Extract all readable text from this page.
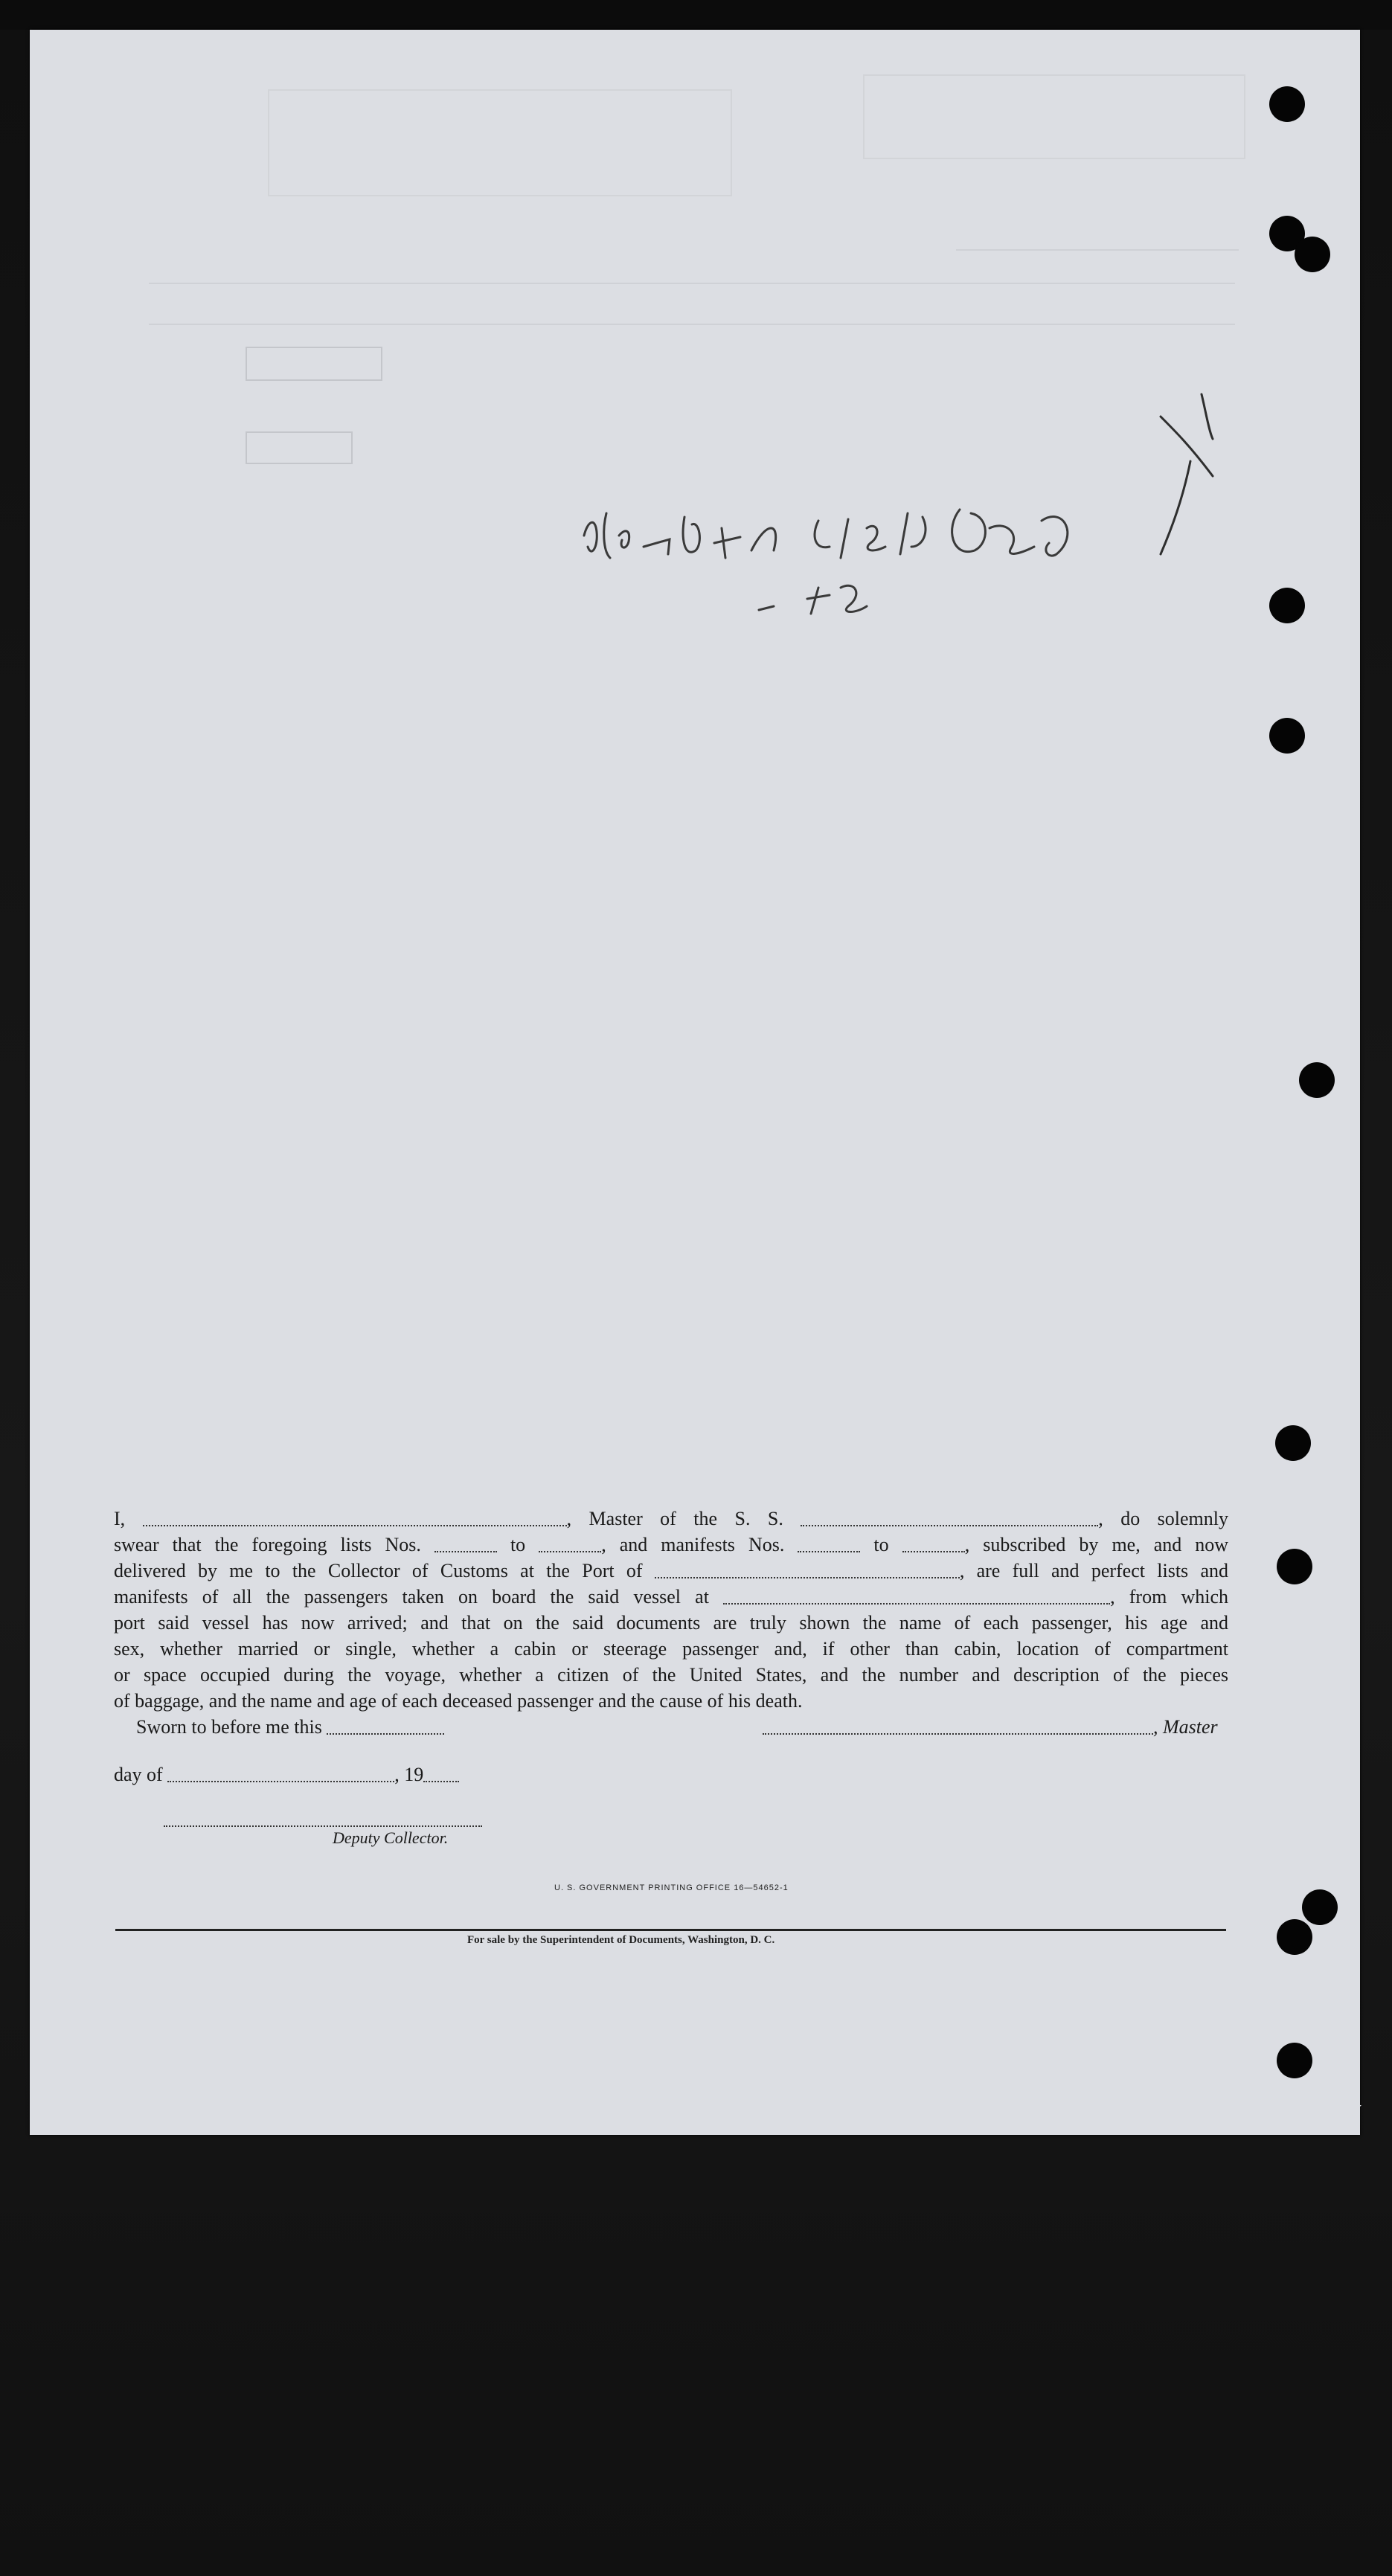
I,	, Master of the S. S.	, do solemnly

swear that the foregoing lists Nos.	to	, and manifests Nos.	to	, subscribed by me, and now

delivered by me to the Collector of Customs at the Port of	, are full and perfect lists and

manifests of all the passengers taken on board the said vessel at	, from which

port said vessel has now arrived; and that on the said documents are truly shown the name of each passenger, his age and

sex, whether married or single, whether a cabin or steerage passenger and, if other than cabin, location of compartment

or space occupied during the voyage, whether a citizen of the United States, and the number and description of the pieces

of baggage, and the name and age of each deceased passenger and the cause of his death.

Sworn to before me this	, Master
day of	, 19
Deputy Collector.
U. S. GOVERNMENT PRINTING OFFICE 16—54652-1
For sale by the Superintendent of Documents, Washington, D. C.
